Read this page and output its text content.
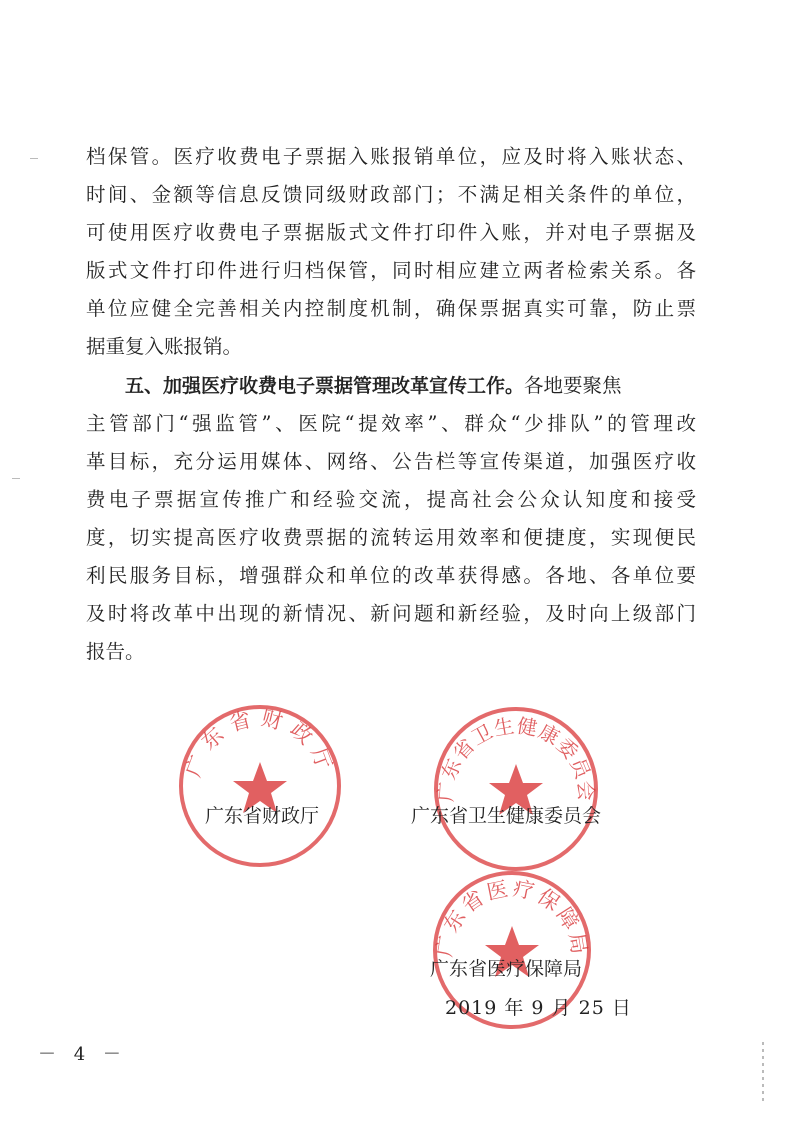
档保管。医疗收费电子票据入账报销单位，应及时将入账状态、
时间、金额等信息反馈同级财政部门；不满足相关条件的单位，
可使用医疗收费电子票据版式文件打印件入账，并对电子票据及
版式文件打印件进行归档保管，同时相应建立两者检索关系。各
单位应健全完善相关内控制度机制，确保票据真实可靠，防止票
据重复入账报销。
五、加强医疗收费电子票据管理改革宣传工作。各地要聚焦
主管部门“强监管”、医院“提效率”、群众“少排队”的管理改
革目标，充分运用媒体、网络、公告栏等宣传渠道，加强医疗收
费电子票据宣传推广和经验交流，提高社会公众认知度和接受
度，切实提高医疗收费票据的流转运用效率和便捷度，实现便民
利民服务目标，增强群众和单位的改革获得感。各地、各单位要
及时将改革中出现的新情况、新问题和新经验，及时向上级部门
报告。
广东省财政厅
广东省卫生健康委员会
广东省医疗保障局
广东省财政厅	广东省卫生健康委员会
广东省医疗保障局
2019 年 9 月 25 日
－ 4 －
